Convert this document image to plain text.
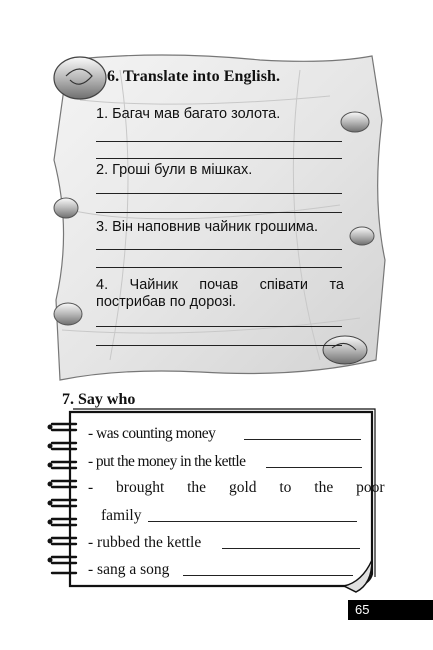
6. Translate into English.
1. Багач мав багато золота.
2. Гроші були в мішках.
3. Він наповнив чайник грошима.
4. Чайник почав співати та пострибав по дорозі.
7. Say who
- was counting money
- put the money in the kettle
- brought the gold to the poor
family
- rubbed the kettle
- sang a song
65
